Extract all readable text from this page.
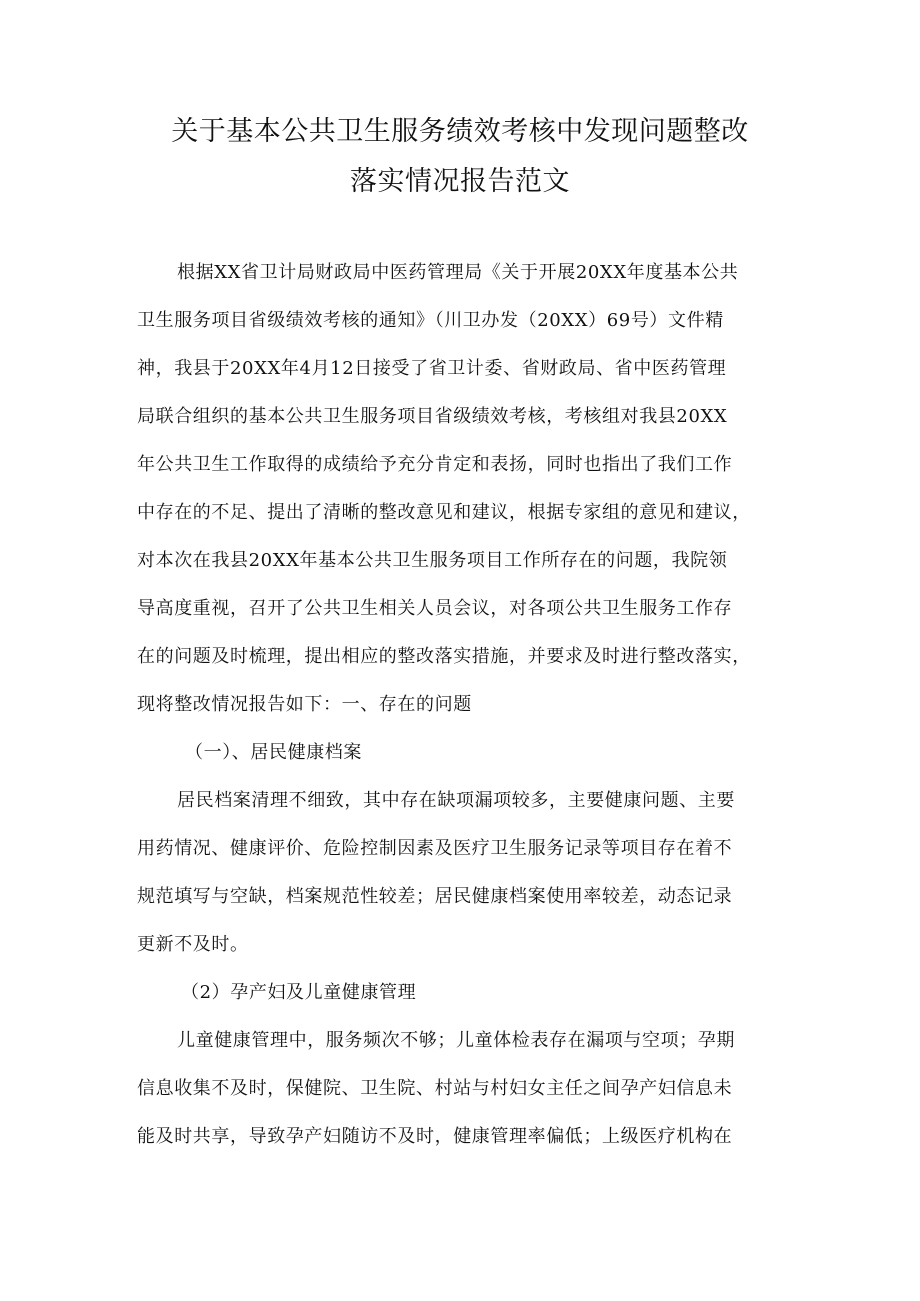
关于基本公共卫生服务绩效考核中发现问题整改
落实情况报告范文
根据XX省卫计局财政局中医药管理局《关于开展20XX年度基本公共
卫生服务项目省级绩效考核的通知》（川卫办发（20XX）69号）文件精
神，我县于20XX年4月12日接受了省卫计委、省财政局、省中医药管理
局联合组织的基本公共卫生服务项目省级绩效考核，考核组对我县20XX
年公共卫生工作取得的成绩给予充分肯定和表扬，同时也指出了我们工作
中存在的不足、提出了清晰的整改意见和建议，根据专家组的意见和建议，
对本次在我县20XX年基本公共卫生服务项目工作所存在的问题，我院领
导高度重视，召开了公共卫生相关人员会议，对各项公共卫生服务工作存
在的问题及时梳理，提出相应的整改落实措施，并要求及时进行整改落实，
现将整改情况报告如下：一、存在的问题
（一）、居民健康档案
居民档案清理不细致，其中存在缺项漏项较多，主要健康问题、主要
用药情况、健康评价、危险控制因素及医疗卫生服务记录等项目存在着不
规范填写与空缺，档案规范性较差；居民健康档案使用率较差，动态记录
更新不及时。
（2）孕产妇及儿童健康管理
儿童健康管理中，服务频次不够；儿童体检表存在漏项与空项；孕期
信息收集不及时，保健院、卫生院、村站与村妇女主任之间孕产妇信息未
能及时共享，导致孕产妇随访不及时，健康管理率偏低；上级医疗机构在
